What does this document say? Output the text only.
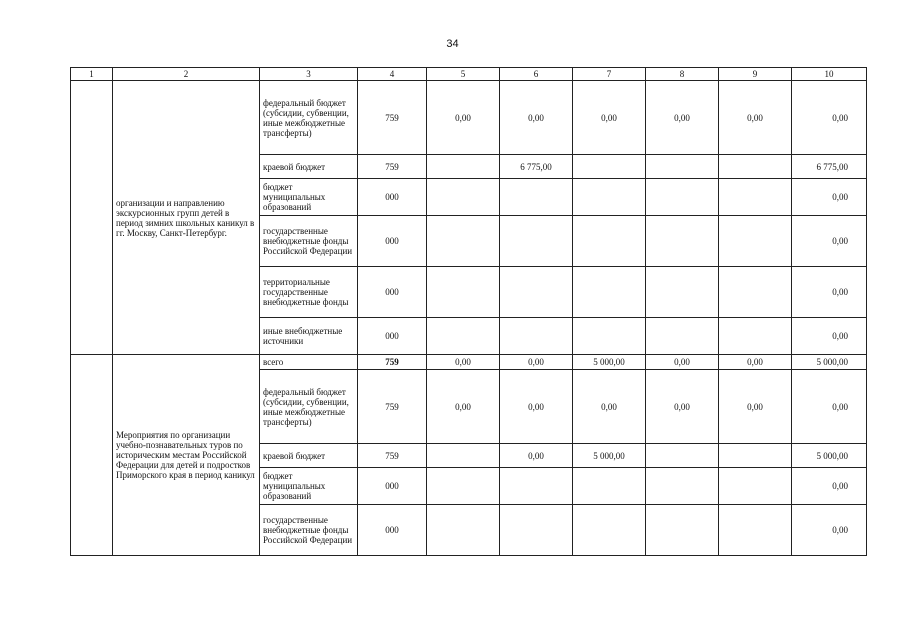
34
1	2	3	4	5	6	7	8	9	10
	организации и направлению экскурсионных групп детей в период зимних школьных каникул в гг. Москву, Санкт-Петербург.	федеральный бюджет (субсидии, субвенции, иные межбюджетные трансферты)	759	0,00	0,00	0,00	0,00	0,00	0,00
		краевой бюджет	759		6 775,00				6 775,00
		бюджет муниципальных образований	000						0,00
		государственные внебюджетные фонды Российской Федерации	000						0,00
		территориальные государственные внебюджетные фонды	000						0,00
		иные внебюджетные источники	000						0,00
	Мероприятия по организации учебно-познавательных туров по историческим местам Российской Федерации для детей и подростков Приморского края в период каникул	всего	759	0,00	0,00	5 000,00	0,00	0,00	5 000,00
		федеральный бюджет (субсидии, субвенции, иные межбюджетные трансферты)	759	0,00	0,00	0,00	0,00	0,00	0,00
		краевой бюджет	759		0,00	5 000,00			5 000,00
		бюджет муниципальных образований	000						0,00
		государственные внебюджетные фонды Российской Федерации	000						0,00
